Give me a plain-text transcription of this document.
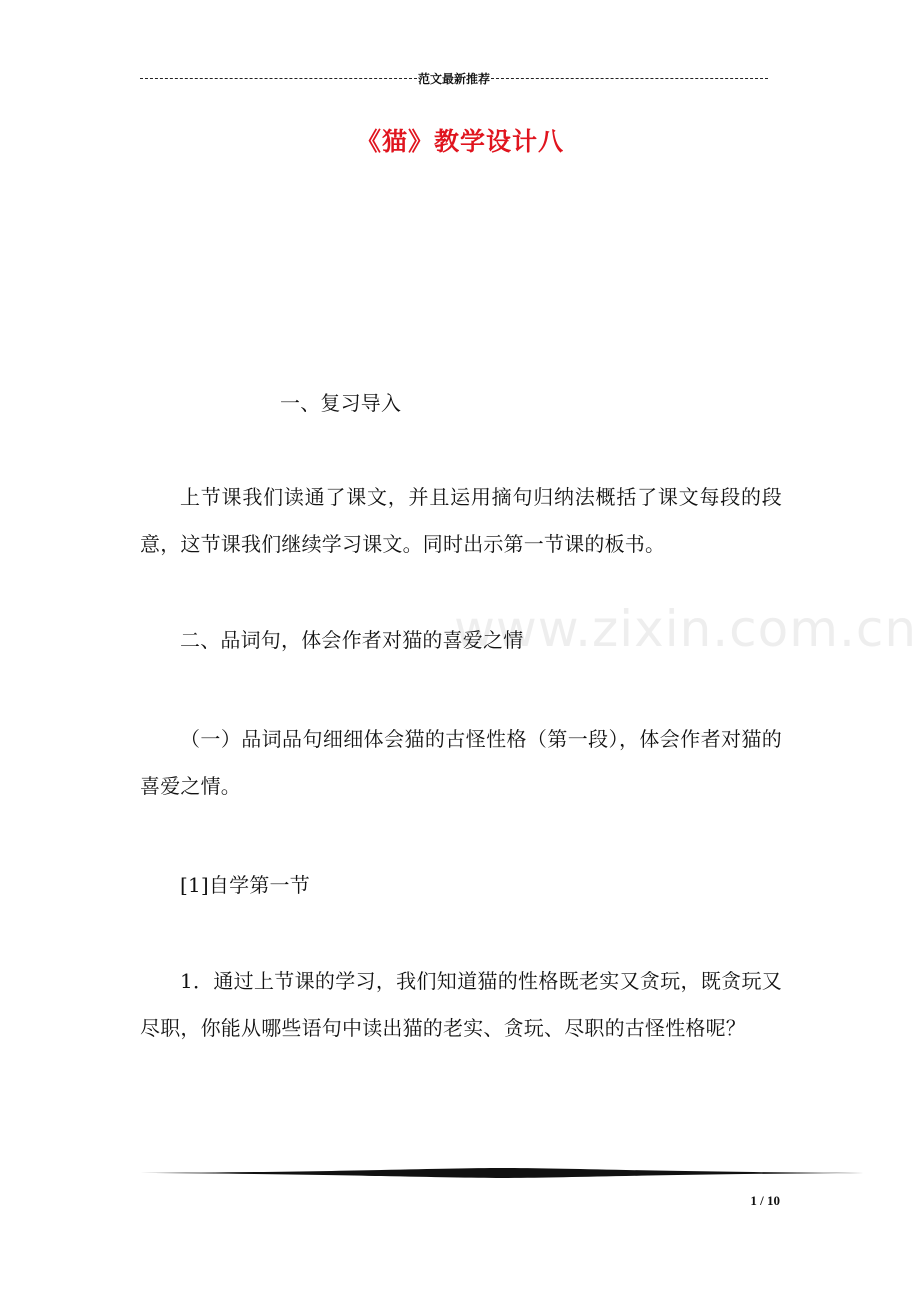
范文最新推荐
《猫》教学设计八
www.zixin.com.cn
一、复习导入
上节课我们读通了课文，并且运用摘句归纳法概括了课文每段的段意，这节课我们继续学习课文。同时出示第一节课的板书。
二、品词句，体会作者对猫的喜爱之情
（一）品词品句细细体会猫的古怪性格（第一段），体会作者对猫的喜爱之情。
[1]自学第一节
1．通过上节课的学习，我们知道猫的性格既老实又贪玩，既贪玩又尽职，你能从哪些语句中读出猫的老实、贪玩、尽职的古怪性格呢？
1 / 10
